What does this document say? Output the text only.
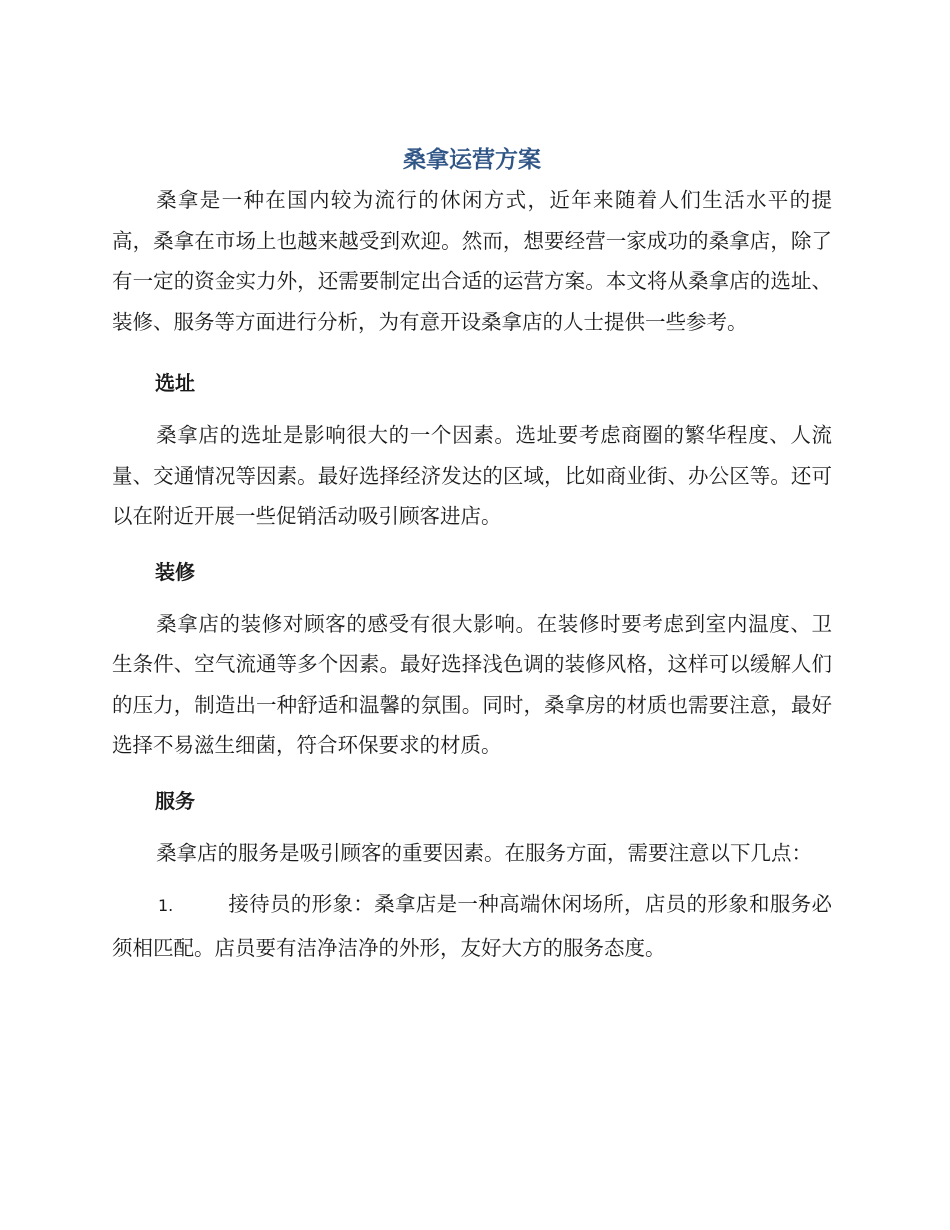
桑拿运营方案

桑拿是一种在国内较为流行的休闲方式，近年来随着人们生活水平的提高，桑拿在市场上也越来越受到欢迎。然而，想要经营一家成功的桑拿店，除了有一定的资金实力外，还需要制定出合适的运营方案。本文将从桑拿店的选址、装修、服务等方面进行分析，为有意开设桑拿店的人士提供一些参考。

选址

桑拿店的选址是影响很大的一个因素。选址要考虑商圈的繁华程度、人流量、交通情况等因素。最好选择经济发达的区域，比如商业街、办公区等。还可以在附近开展一些促销活动吸引顾客进店。

装修

桑拿店的装修对顾客的感受有很大影响。在装修时要考虑到室内温度、卫生条件、空气流通等多个因素。最好选择浅色调的装修风格，这样可以缓解人们的压力，制造出一种舒适和温馨的氛围。同时，桑拿房的材质也需要注意，最好选择不易滋生细菌，符合环保要求的材质。

服务

桑拿店的服务是吸引顾客的重要因素。在服务方面，需要注意以下几点：

1.	接待员的形象：桑拿店是一种高端休闲场所，店员的形象和服务必须相匹配。店员要有洁净洁净的外形，友好大方的服务态度。
